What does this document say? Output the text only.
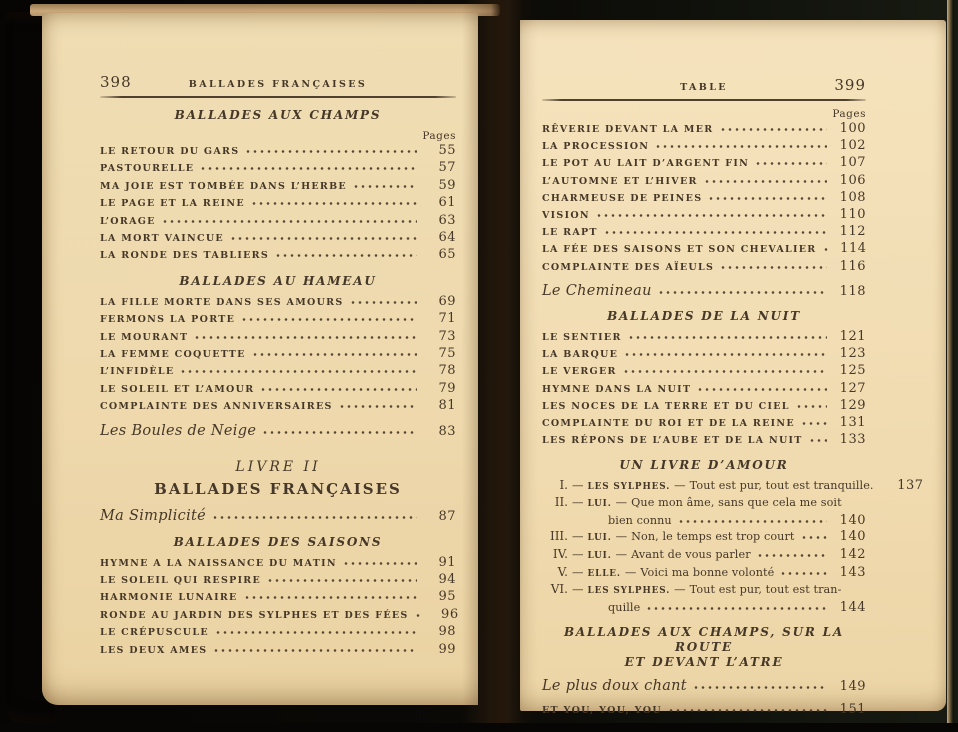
398	BALLADES FRANÇAISES
BALLADES AUX CHAMPS
Pages
LE RETOUR DU GARS	55
PASTOURELLE	57
MA JOIE EST TOMBÉE DANS L’HERBE	59
LE PAGE ET LA REINE	61
L’ORAGE	63
LA MORT VAINCUE	64
LA RONDE DES TABLIERS	65
BALLADES AU HAMEAU
LA FILLE MORTE DANS SES AMOURS	69
FERMONS LA PORTE	71
LE MOURANT	73
LA FEMME COQUETTE	75
L’INFIDÈLE	78
LE SOLEIL ET L’AMOUR	79
COMPLAINTE DES ANNIVERSAIRES	81
Les Boules de Neige	83
LIVRE II
BALLADES FRANÇAISES
Ma Simplicité	87
BALLADES DES SAISONS
HYMNE A LA NAISSANCE DU MATIN	91
LE SOLEIL QUI RESPIRE	94
HARMONIE LUNAIRE	95
RONDE AU JARDIN DES SYLPHES ET DES FÉES	96
LE CRÉPUSCULE	98
LES DEUX AMES	99
TABLE	399
Pages
RÊVERIE DEVANT LA MER	100
LA PROCESSION	102
LE POT AU LAIT D’ARGENT FIN	107
L’AUTOMNE ET L’HIVER	106
CHARMEUSE DE PEINES	108
VISION	110
LE RAPT	112
LA FÉE DES SAISONS ET SON CHEVALIER	114
COMPLAINTE DES AÏEULS	116
Le Chemineau	118
BALLADES DE LA NUIT
LE SENTIER	121
LA BARQUE	123
LE VERGER	125
HYMNE DANS LA NUIT	127
LES NOCES DE LA TERRE ET DU CIEL	129
COMPLAINTE DU ROI ET DE LA REINE	131
LES RÉPONS DE L’AUBE ET DE LA NUIT	133
UN LIVRE D’AMOUR
I. — LES SYLPHES. — Tout est pur, tout est tranquille.	137
II. — LUI. — Que mon âme, sans que cela me soit
bien connu	140
III. — LUI. — Non, le temps est trop court	140
IV. — LUI. — Avant de vous parler	142
V. — ELLE. — Voici ma bonne volonté	143
VI. — LES SYLPHES. — Tout est pur, tout est tran-
quille	144
BALLADES AUX CHAMPS, SUR LA ROUTE
ET DEVANT L’ATRE
Le plus doux chant	149
ET YOU, YOU, YOU	151
